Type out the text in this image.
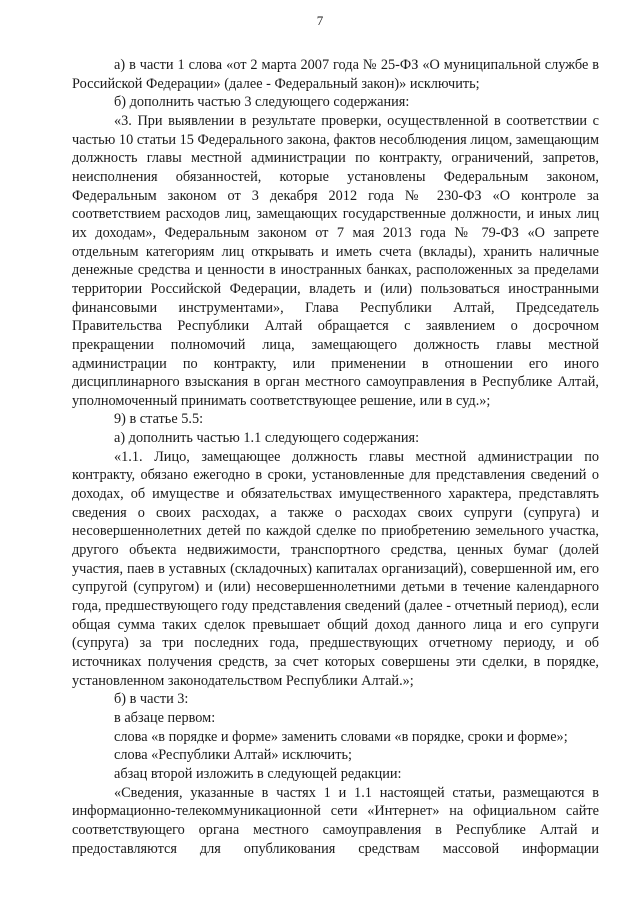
7

а) в части 1 слова «от 2 марта 2007 года № 25-ФЗ «О муниципальной службе в Российской Федерации» (далее - Федеральный закон)» исключить;

б) дополнить частью 3 следующего содержания:

«3. При выявлении в результате проверки, осуществленной в соответствии с частью 10 статьи 15 Федерального закона, фактов несоблюдения лицом, замещающим должность главы местной администрации по контракту, ограничений, запретов, неисполнения обязанностей, которые установлены Федеральным законом, Федеральным законом от 3 декабря 2012 года № 230-ФЗ «О контроле за соответствием расходов лиц, замещающих государственные должности, и иных лиц их доходам», Федеральным законом от 7 мая 2013 года № 79-ФЗ «О запрете отдельным категориям лиц открывать и иметь счета (вклады), хранить наличные денежные средства и ценности в иностранных банках, расположенных за пределами территории Российской Федерации, владеть и (или) пользоваться иностранными финансовыми инструментами», Глава Республики Алтай, Председатель Правительства Республики Алтай обращается с заявлением о досрочном прекращении полномочий лица, замещающего должность главы местной администрации по контракту, или применении в отношении его иного дисциплинарного взыскания в орган местного самоуправления в Республике Алтай, уполномоченный принимать соответствующее решение, или в суд.»;

9) в статье 5.5:

а) дополнить частью 1.1 следующего содержания:

«1.1. Лицо, замещающее должность главы местной администрации по контракту, обязано ежегодно в сроки, установленные для представления сведений о доходах, об имуществе и обязательствах имущественного характера, представлять сведения о своих расходах, а также о расходах своих супруги (супруга) и несовершеннолетних детей по каждой сделке по приобретению земельного участка, другого объекта недвижимости, транспортного средства, ценных бумаг (долей участия, паев в уставных (складочных) капиталах организаций), совершенной им, его супругой (супругом) и (или) несовершеннолетними детьми в течение календарного года, предшествующего году представления сведений (далее - отчетный период), если общая сумма таких сделок превышает общий доход данного лица и его супруги (супруга) за три последних года, предшествующих отчетному периоду, и об источниках получения средств, за счет которых совершены эти сделки, в порядке, установленном законодательством Республики Алтай.»;

б) в части 3:

в абзаце первом:

слова «в порядке и форме» заменить словами «в порядке, сроки и форме»;

слова «Республики Алтай» исключить;

абзац второй изложить в следующей редакции:

«Сведения, указанные в частях 1 и 1.1 настоящей статьи, размещаются в информационно-телекоммуникационной сети «Интернет» на официальном сайте соответствующего органа местного самоуправления в Республике Алтай и предоставляются для опубликования средствам массовой информации
